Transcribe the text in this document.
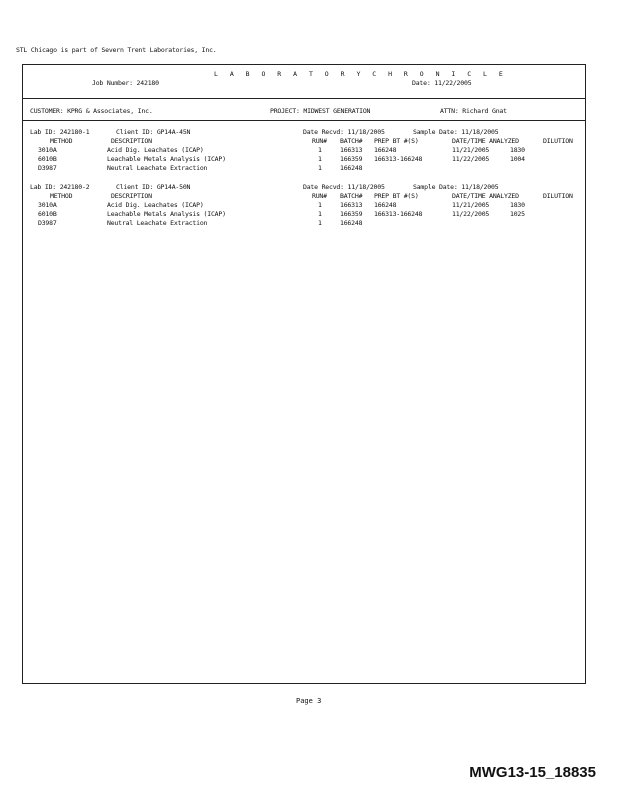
STL Chicago is part of Severn Trent Laboratories, Inc.
L A B O R A T O R Y C H R O N I C L E
Job Number: 242180	Date: 11/22/2005
CUSTOMER: KPRG & Associates, Inc.	PROJECT: MIDWEST GENERATION	ATTN: Richard Gnat
Lab ID: 242180-1	Client ID: GP14A-45N	Date Recvd: 11/18/2005	Sample Date: 11/18/2005
METHOD	DESCRIPTION	RUN# BATCH# PREP BT #(S)	DATE/TIME ANALYZED	DILUTION
3010A	Acid Dig. Leachates (ICAP)	1	166313 166248	11/21/2005	1830
6010B	Leachable Metals Analysis (ICAP)	1	166359 166313-166248	11/22/2005	1004
D3987	Neutral Leachate Extraction	1	166248
Lab ID: 242180-2	Client ID: GP14A-50N	Date Recvd: 11/18/2005	Sample Date: 11/18/2005
METHOD	DESCRIPTION	RUN# BATCH# PREP BT #(S)	DATE/TIME ANALYZED	DILUTION
3010A	Acid Dig. Leachates (ICAP)	1	166313 166248	11/21/2005	1830
6010B	Leachable Metals Analysis (ICAP)	1	166359 166313-166248	11/22/2005	1025
D3987	Neutral Leachate Extraction	1	166248
Page 3
MWG13-15_18835
